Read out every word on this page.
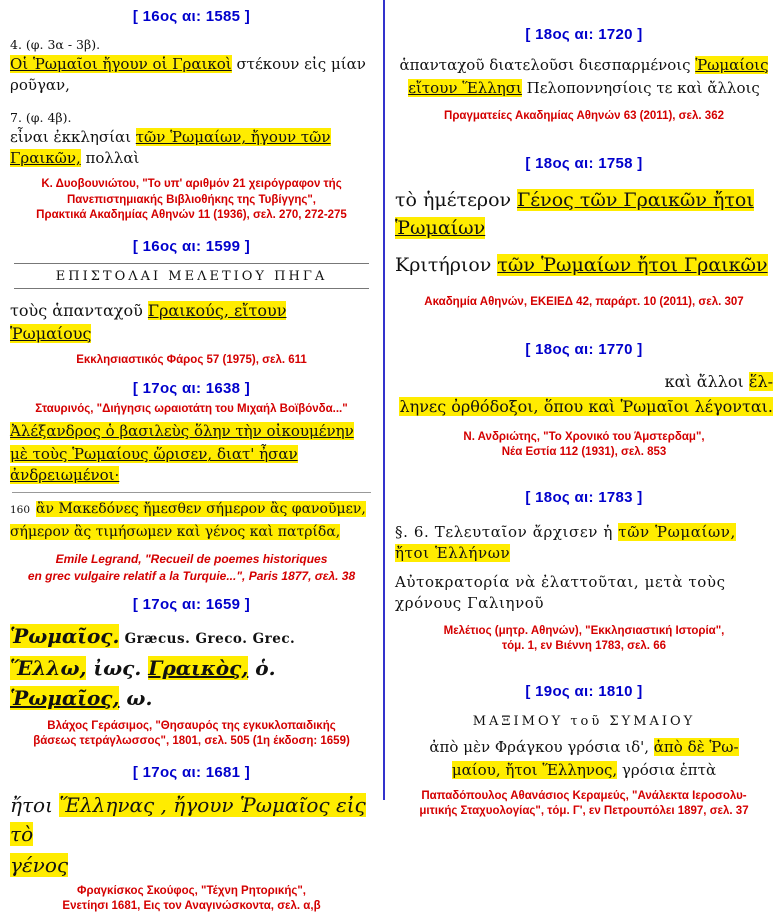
[ 16ος αι: 1585 ]

4. (φ. 3α - 3β).

Οἱ Ῥωμαῖοι ἤγουν οἱ Γραικοὶ στέκουν εἰς μίαν ροῦγαν,

7. (φ. 4β).

εἶναι ἐκκλησίαι τῶν Ῥωμαίων, ἤγουν τῶν Γραικῶν, πολλαὶ

Κ. Δυοβουνιώτου, "Το υπ' αριθμόν 21 χειρόγραφον τής
Πανεπιστημιακής Βιβλιοθήκης της Τυβίγγης",
Πρακτικά Ακαδημίας Αθηνών 11 (1936), σελ. 270, 272-275
[ 16ος αι: 1599 ]
ΕΠΙΣΤΟΛΑΙ ΜΕΛΕΤΙΟΥ ΠΗΓΑ

τοὺς ἁπανταχοῦ Γραικούς, εἴτουν Ῥωμαίους

Εκκλησιαστικός Φάρος 57 (1975), σελ. 611
[ 17ος αι: 1638 ]
Σταυρινός, "Διήγησις ωραιοτάτη του Μιχαήλ Βοϊβόνδα..."

Ἀλέξανδρος ὁ βασιλεὺς ὅλην τὴν οἰκουμένην

μὲ τοὺς Ῥωμαίους ὥρισεν, διατ' ἦσαν ἀνδρειωμένοι·

160 ἂν Μακεδόνες ἤμεσθεν σήμερον ἂς φανοῦμεν,

σήμερον ἂς τιμήσωμεν καὶ γένος καὶ πατρίδα,

Emile Legrand, "Recueil de poemes historiques
en grec vulgaire relatif a la Turquie...", Paris 1877, σελ. 38
[ 17ος αι: 1659 ]

Ῥωμαῖος. Græcus. Greco. Grec.

Ἕλλω, ἰως. Γραικὸς, ὁ. Ῥωμαῖος, ω.

Βλάχος Γεράσιμος, "Θησαυρός της εγκυκλοπαιδικής
βάσεως τετράγλωσσος", 1801, σελ. 505 (1η έκδοση: 1659)
[ 17ος αι: 1681 ]

ἤτοι Ἕλληνας , ἤγουν Ῥωμαῖος εἰς τὸ

γένος

Φραγκίσκος Σκούφος, "Τέχνη Ρητορικής",
Ενετίησι 1681, Εις τον Αναγινώσκοντα, σελ. α,β
[ 18ος αι: 1720 ]

ἁπανταχοῦ διατελοῦσι διεσπαρμένοις Ῥωμαίοις

εἴτουν Ἕλλησι Πελοποννησίοις τε καὶ ἄλλοις

Πραγματείες Ακαδημίας Αθηνών 63 (2011), σελ. 362
[ 18ος αι: 1758 ]

τὸ ἡμέτερον Γένος τῶν Γραικῶν ἤτοι Ῥωμαίων

Κριτήριον τῶν Ῥωμαίων ἤτοι Γραικῶν

Ακαδημία Αθηνών, ΕΚΕΙΕΔ 42, παράρτ. 10 (2011), σελ. 307
[ 18ος αι: 1770 ]

καὶ ἄλλοι ἕλ-

ληνες ὀρθόδοξοι, ὅπου καὶ Ῥωμαῖοι λέγονται.

Ν. Ανδριώτης, "Το Χρονικό του Άμστερδαμ",
Νέα Εστία 112 (1931), σελ. 853
[ 18ος αι: 1783 ]

§. 6. Τελευταῖον ἄρχισεν ἡ τῶν Ῥωμαίων, ἤτοι Ἑλλήνων

Αὐτοκρατορία νὰ ἐλαττοῦται, μετὰ τοὺς χρόνους Γαλιηνοῦ

Μελέτιος (μητρ. Αθηνών), "Εκκλησιαστική Ιστορία",
τόμ. 1, εν Βιέννη 1783, σελ. 66
[ 19ος αι: 1810 ]

ΜΑΞΙΜΟΥ τοῦ ΣΥΜΑΙΟΥ

ἀπὸ μὲν Φράγκου γρόσια ιδ', ἀπὸ δὲ Ῥω-

μαίου, ἤτοι Ἕλληνος, γρόσια ἑπτὰ

Παπαδόπουλος Αθανάσιος Κεραμεύς, "Ανάλεκτα Ιεροσολυ-
μιτικής Σταχυολογίας", τόμ. Γ', εν Πετρουπόλει 1897, σελ. 37
